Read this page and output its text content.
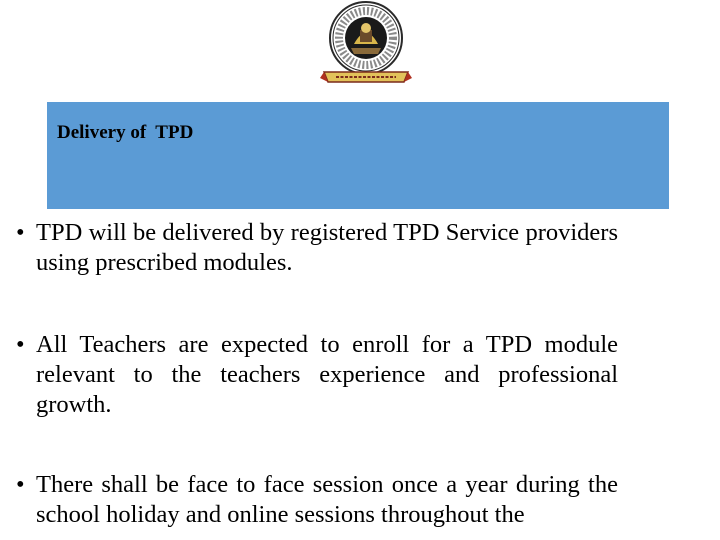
Delivery of  TPD
• TPD will be delivered by registered TPD Service providers using prescribed modules.
• All Teachers are expected to enroll for a TPD module relevant to the teachers experience and professional growth.
• There shall be face to face session once a year during the school holiday and online sessions throughout the
